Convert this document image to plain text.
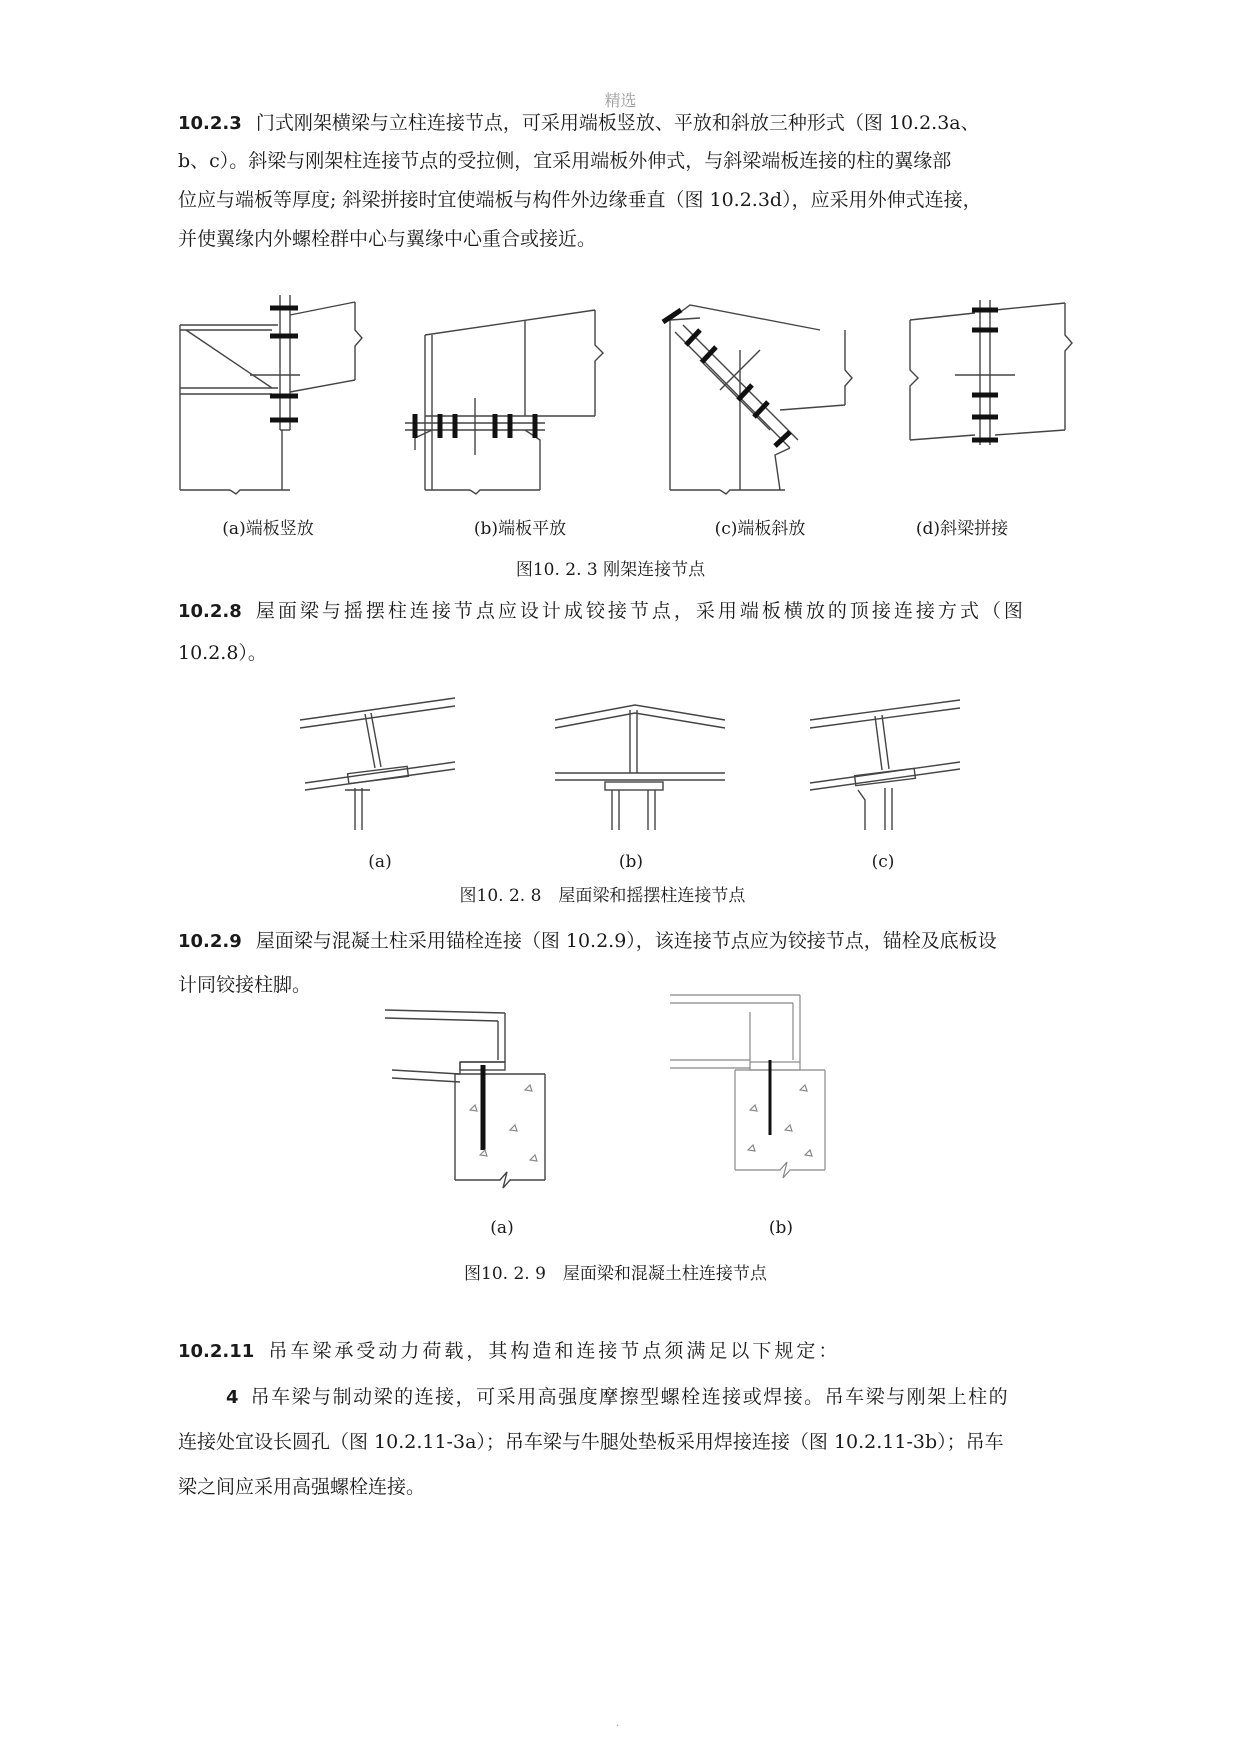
精选
10.2.3 门式刚架横梁与立柱连接节点，可采用端板竖放、平放和斜放三种形式（图 10.2.3a、
b、c）。斜梁与刚架柱连接节点的受拉侧，宜采用端板外伸式，与斜梁端板连接的柱的翼缘部
位应与端板等厚度; 斜梁拼接时宜使端板与构件外边缘垂直（图 10.2.3d），应采用外伸式连接，
并使翼缘内外螺栓群中心与翼缘中心重合或接近。
(a)端板竖放	(b)端板平放	(c)端板斜放	(d)斜梁拼接
图10. 2. 3 刚架连接节点
10.2.8 屋面梁与摇摆柱连接节点应设计成铰接节点，采用端板横放的顶接连接方式（图
10.2.8）。
(a)	(b)	(c)
图10. 2. 8　屋面梁和摇摆柱连接节点
10.2.9 屋面梁与混凝土柱采用锚栓连接（图 10.2.9），该连接节点应为铰接节点，锚栓及底板设
计同铰接柱脚。
(a)	(b)
图10. 2. 9　屋面梁和混凝土柱连接节点
10.2.11 吊车梁承受动力荷载，其构造和连接节点须满足以下规定：
4 吊车梁与制动梁的连接，可采用高强度摩擦型螺栓连接或焊接。吊车梁与刚架上柱的
连接处宜设长圆孔（图 10.2.11-3a）；吊车梁与牛腿处垫板采用焊接连接（图 10.2.11-3b）；吊车
梁之间应采用高强螺栓连接。
.
